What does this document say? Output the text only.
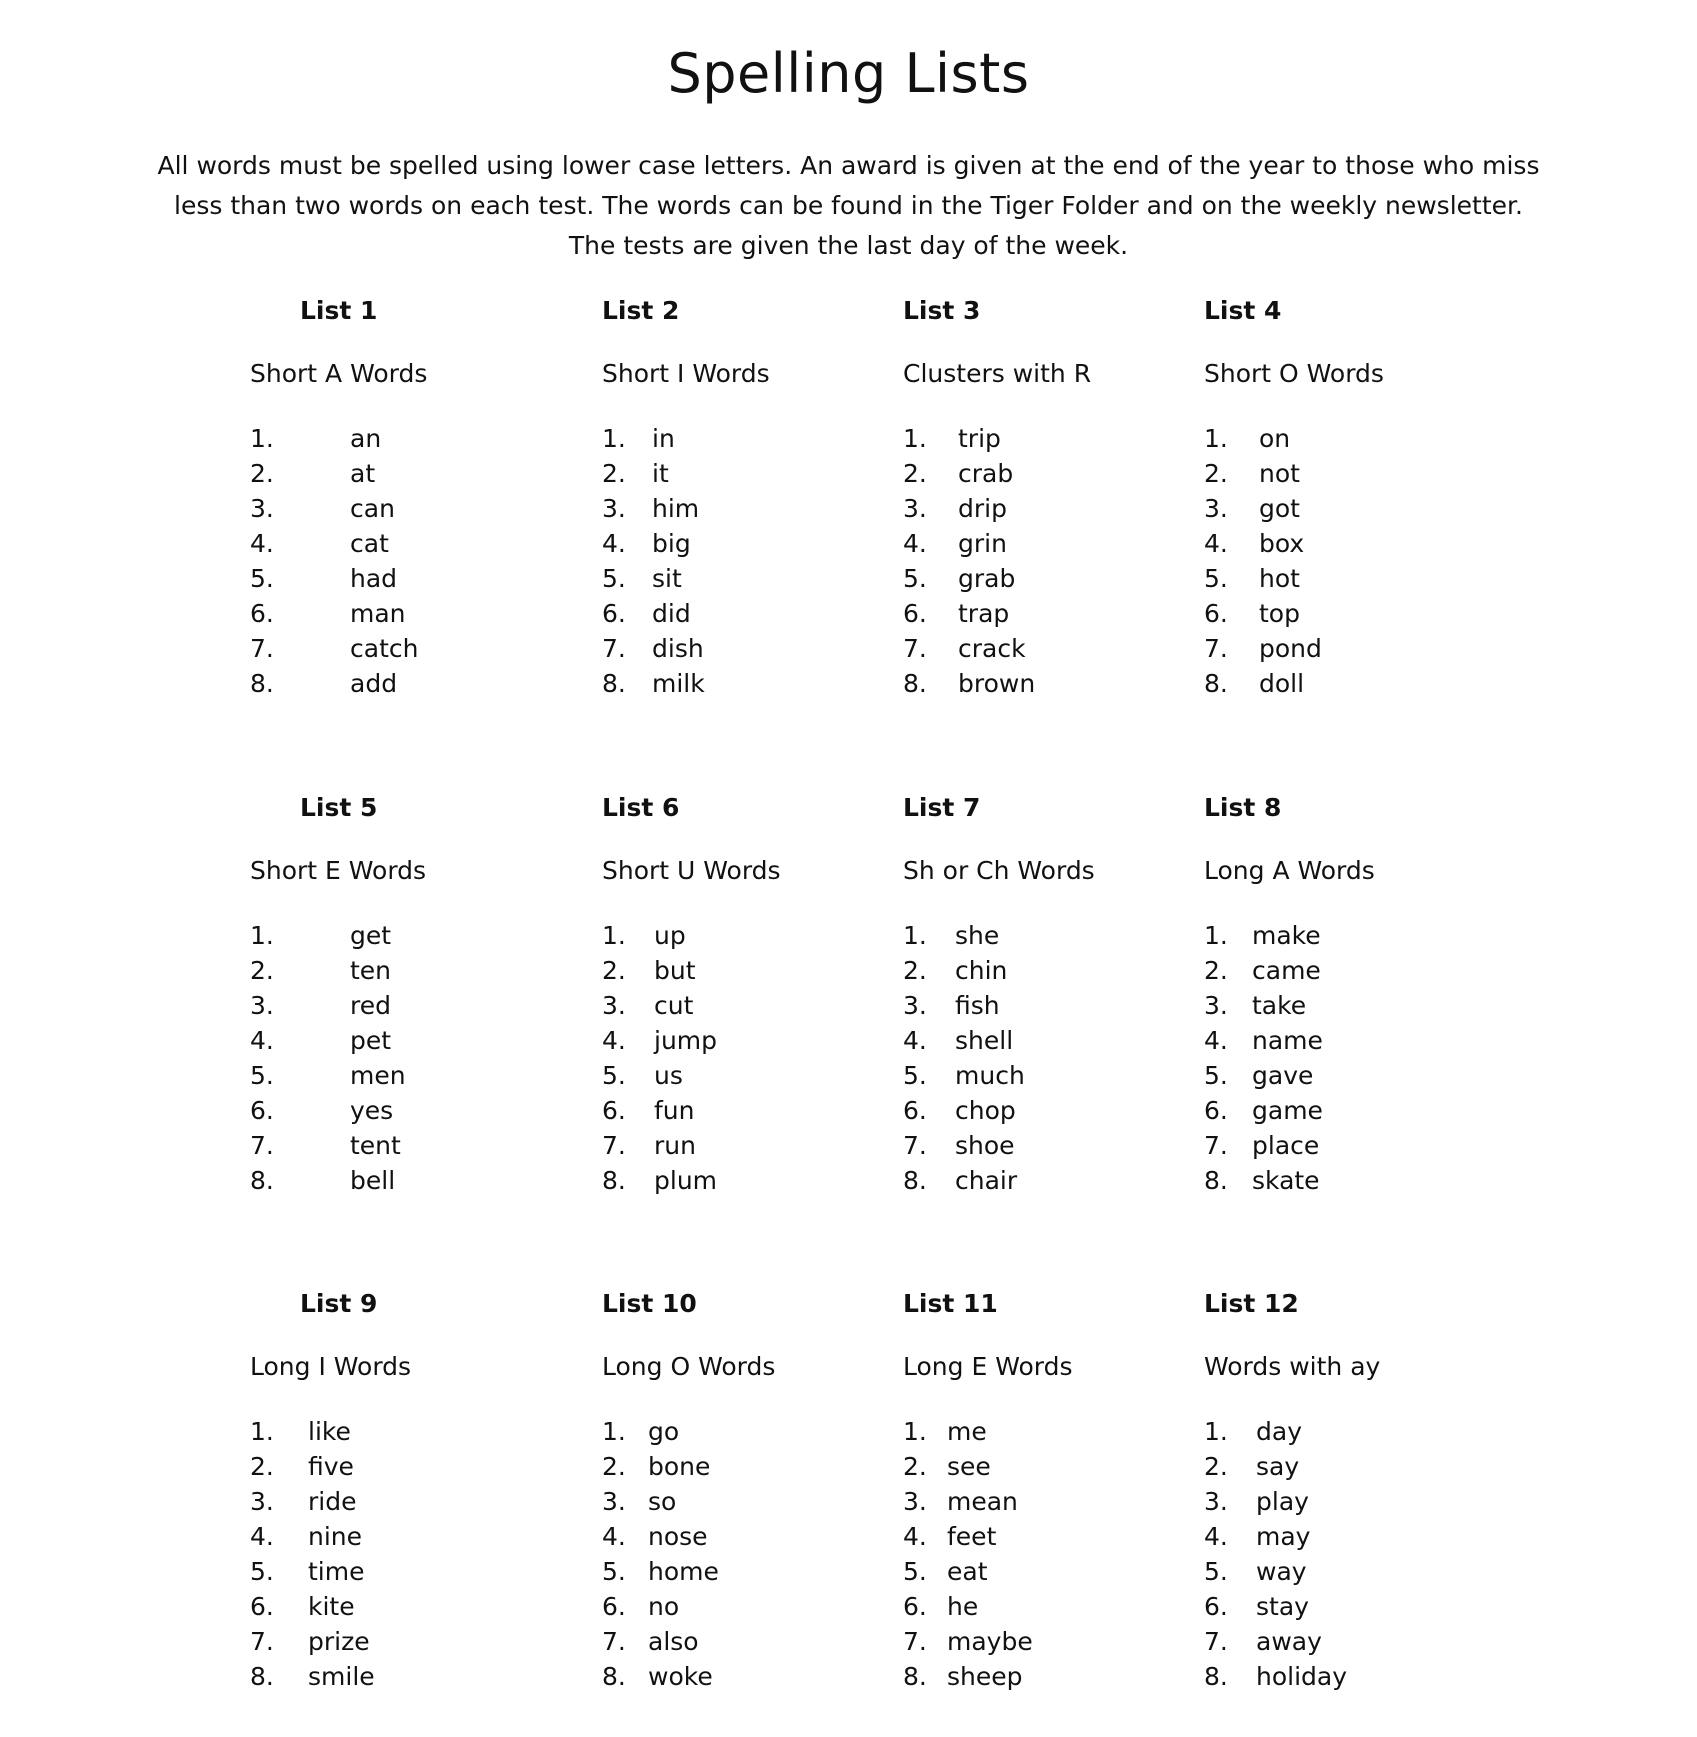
Spelling Lists
All words must be spelled using lower case letters. An award is given at the end of the year to those who miss
less than two words on each test. The words can be found in the Tiger Folder and on the weekly newsletter.
The tests are given the last day of the week.
List 1
Short A Words
1.	an
2.	at
3.	can
4.	cat
5.	had
6.	man
7.	catch
8.	add
List 2
Short I Words
1. in
2. it
3. him
4. big
5. sit
6. did
7. dish
8. milk
List 3
Clusters with R
1. trip
2. crab
3. drip
4. grin
5. grab
6. trap
7. crack
8. brown
List 4
Short O Words
1. on
2. not
3. got
4. box
5. hot
6. top
7. pond
8. doll
List 5
Short E Words
1.	get
2.	ten
3.	red
4.	pet
5.	men
6.	yes
7.	tent
8.	bell
List 6
Short U Words
1. up
2. but
3. cut
4. jump
5. us
6. fun
7. run
8. plum
List 7
Sh or Ch Words
1. she
2. chin
3. fish
4. shell
5. much
6. chop
7. shoe
8. chair
List 8
Long A Words
1. make
2. came
3. take
4. name
5. gave
6. game
7. place
8. skate
List 9
Long I Words
1. like
2. five
3. ride
4. nine
5. time
6. kite
7. prize
8. smile
List 10
Long O Words
1. go
2. bone
3. so
4. nose
5. home
6. no
7. also
8. woke
List 11
Long E Words
1. me
2. see
3. mean
4. feet
5. eat
6. he
7. maybe
8. sheep
List 12
Words with ay
1. day
2. say
3. play
4. may
5. way
6. stay
7. away
8. holiday
